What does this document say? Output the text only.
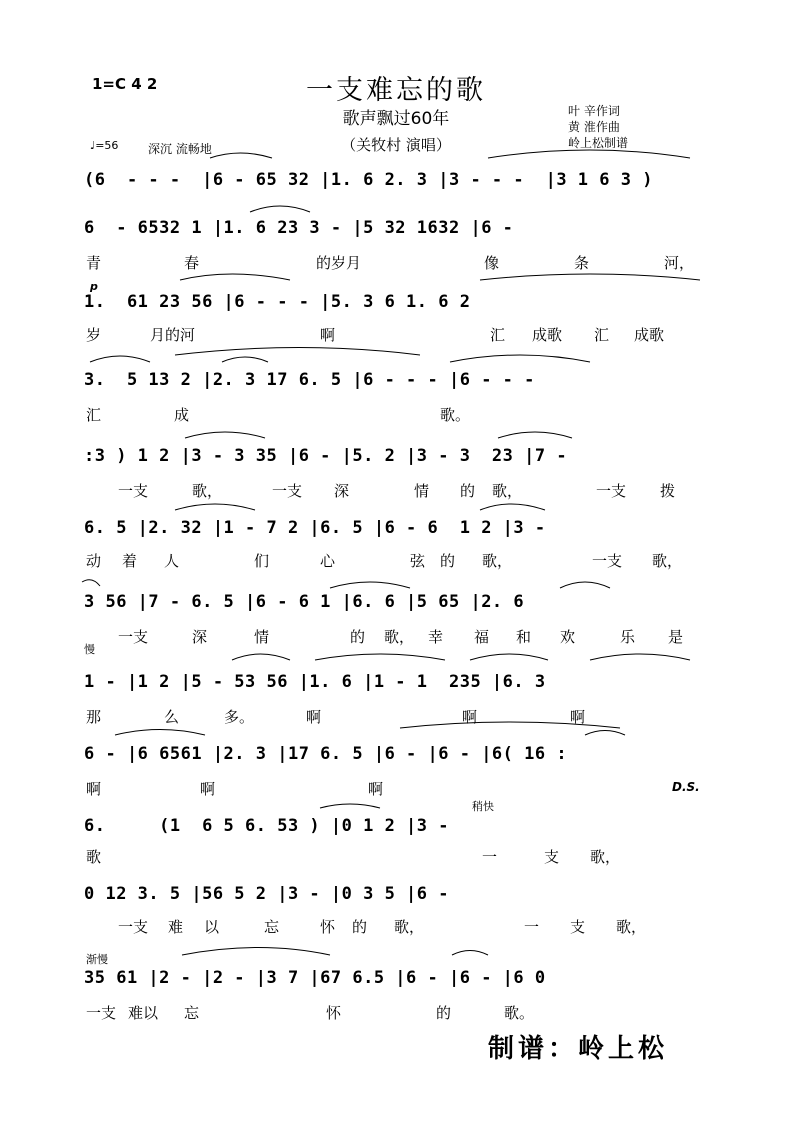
1=C 4 2	一支难忘的歌
歌声飘过60年
（关牧村 演唱）
叶 辛作词
黄 淮作曲
岭上松制谱
♩=56 深沉 流畅地
(6  - - -  |6 - 65 32 |1. 6 2. 3 |3 - - -  |3 1 6 3 )
6  - 6532 1 |1. 6 23 3 - |5 32 1632 |6 -
青	春	的岁月	像	条	河，
p
1.  61 23 56 |6 - - - |5. 3 6 1. 6 2
岁	月的河	啊	汇 成歌 汇 成歌
3.  5 13 2 |2. 3 17 6. 5 |6 - - - |6 - - -
汇	成	歌。
:3 ) 1 2 |3 - 3 35 |6 - |5. 2 |3 - 3  23 |7 -
一支	歌，	一支 深	情 的 歌，	一支 拨
6. 5 |2. 32 |1 - 7 2 |6. 5 |6 - 6  1 2 |3 -
动 着 人	们	心	弦 的 歌，	一支 歌，
3 56 |7 - 6. 5 |6 - 6 1 |6. 6 |5 65 |2. 6
慢
一支	深	情	的 歌， 幸 福 和 欢	乐 是
1 - |1 2 |5 - 53 56 |1. 6 |1 - 1  235 |6. 3
那	么	多。	啊	啊	啊
6 - |6 6561 |2. 3 |17 6. 5 |6 - |6 - |6( 16 :
D.S.
啊	啊	啊
稍快
6.     (1  6 5 6. 53 ) |0 1 2 |3 -
歌	一	支 歌，
0 12 3. 5 |56 5 2 |3 - |0 3 5 |6 -
一支 难 以	忘	怀 的 歌，	一 支 歌，
渐慢
35 61 |2 - |2 - |3 7 |67 6.5 |6 - |6 - |6 0
一支 难以 忘	怀	的	歌。
制谱：岭上松
